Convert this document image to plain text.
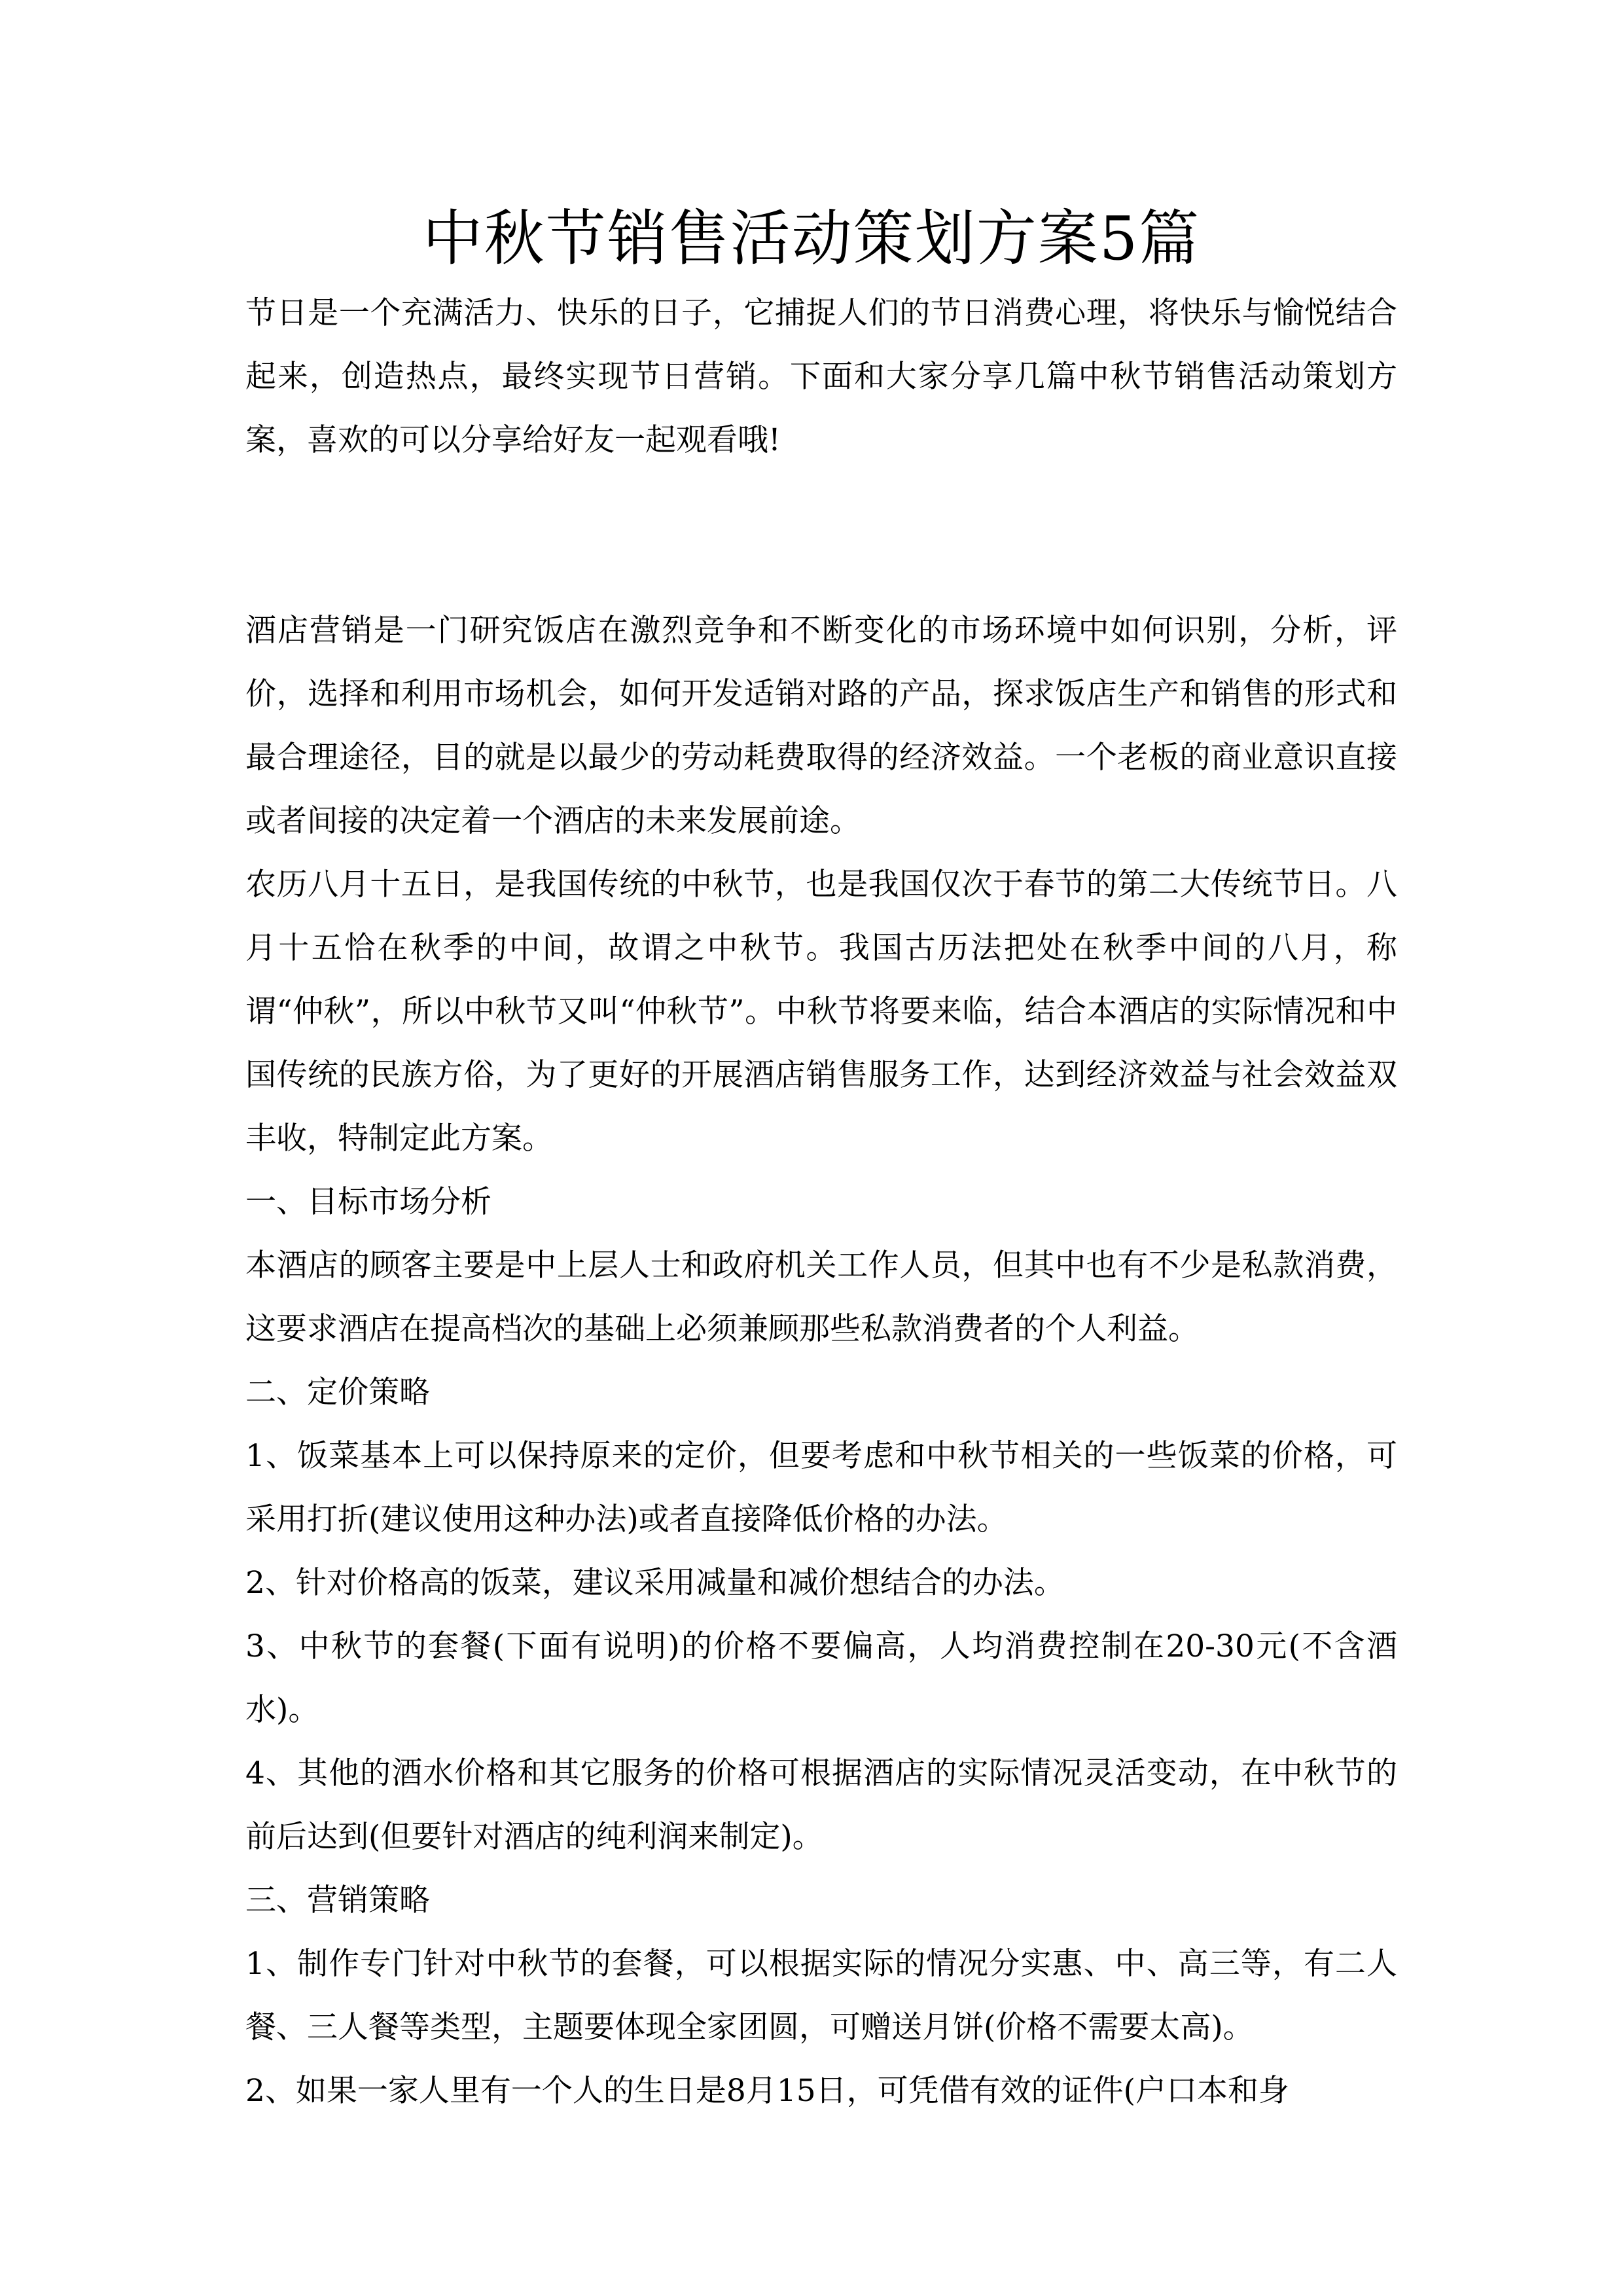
中秋节销售活动策划方案5篇

节日是一个充满活力、快乐的日子，它捕捉人们的节日消费心理，将快乐与愉悦结合起来，创造热点，最终实现节日营销。下面和大家分享几篇中秋节销售活动策划方案，喜欢的可以分享给好友一起观看哦!

酒店营销是一门研究饭店在激烈竞争和不断变化的市场环境中如何识别，分析，评价，选择和利用市场机会，如何开发适销对路的产品，探求饭店生产和销售的形式和最合理途径，目的就是以最少的劳动耗费取得的经济效益。一个老板的商业意识直接或者间接的决定着一个酒店的未来发展前途。

农历八月十五日，是我国传统的中秋节，也是我国仅次于春节的第二大传统节日。八月十五恰在秋季的中间，故谓之中秋节。我国古历法把处在秋季中间的八月，称谓“仲秋”，所以中秋节又叫“仲秋节”。中秋节将要来临，结合本酒店的实际情况和中国传统的民族方俗，为了更好的开展酒店销售服务工作，达到经济效益与社会效益双丰收，特制定此方案。

一、目标市场分析

本酒店的顾客主要是中上层人士和政府机关工作人员，但其中也有不少是私款消费，这要求酒店在提高档次的基础上必须兼顾那些私款消费者的个人利益。

二、定价策略

1、饭菜基本上可以保持原来的定价，但要考虑和中秋节相关的一些饭菜的价格，可采用打折(建议使用这种办法)或者直接降低价格的办法。

2、针对价格高的饭菜，建议采用减量和减价想结合的办法。

3、中秋节的套餐(下面有说明)的价格不要偏高，人均消费控制在20-30元(不含酒水)。

4、其他的酒水价格和其它服务的价格可根据酒店的实际情况灵活变动，在中秋节的前后达到(但要针对酒店的纯利润来制定)。

三、营销策略

1、制作专门针对中秋节的套餐，可以根据实际的情况分实惠、中、高三等，有二人餐、三人餐等类型，主题要体现全家团圆，可赠送月饼(价格不需要太高)。

2、如果一家人里有一个人的生日是8月15日，可凭借有效的证件(户口本和身
